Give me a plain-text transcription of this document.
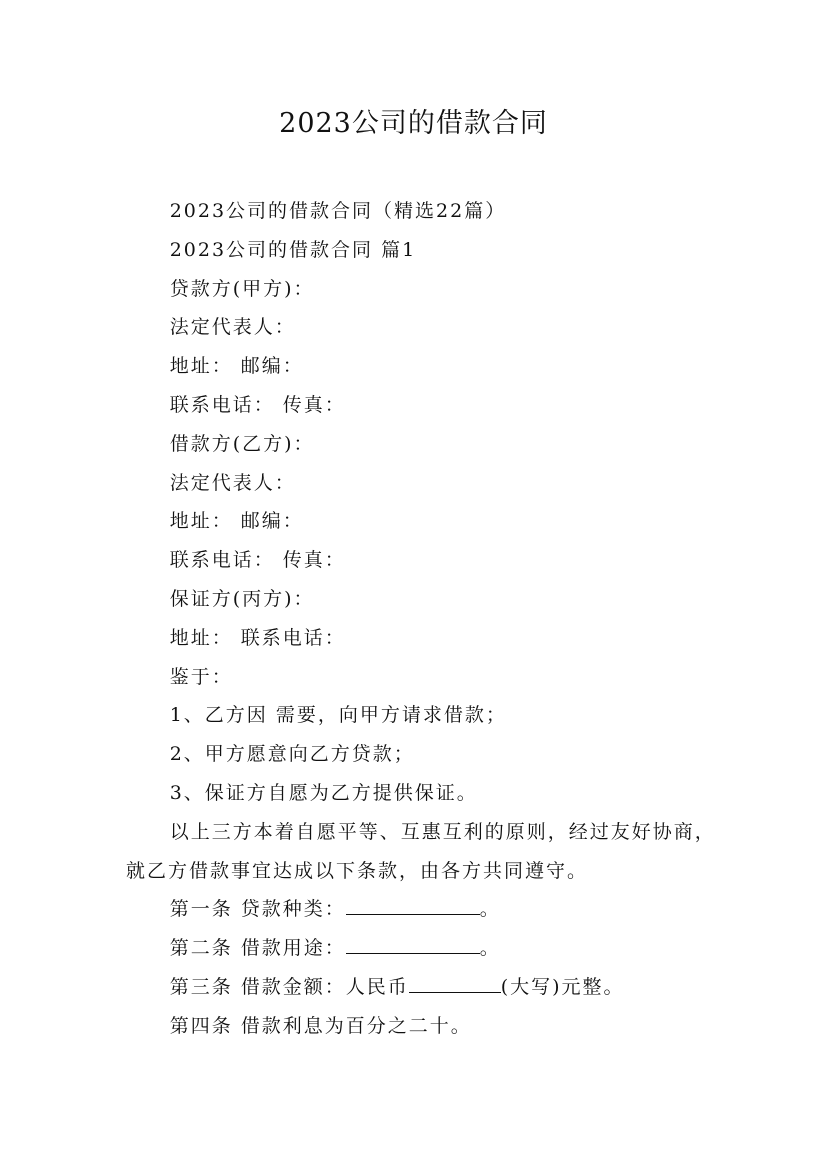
2023公司的借款合同

2023公司的借款合同（精选22篇）

2023公司的借款合同 篇1

贷款方(甲方)：

法定代表人：

地址： 邮编：

联系电话： 传真：

借款方(乙方)：

法定代表人：

地址： 邮编：

联系电话： 传真：

保证方(丙方)：

地址： 联系电话：

鉴于：

1、乙方因 需要，向甲方请求借款；

2、甲方愿意向乙方贷款；

3、保证方自愿为乙方提供保证。

以上三方本着自愿平等、互惠互利的原则，经过友好协商，就乙方借款事宜达成以下条款，由各方共同遵守。

第一条 贷款种类：	。

第二条 借款用途：	。

第三条 借款金额：人民币	(大写)元整。

第四条 借款利息为百分之二十。
